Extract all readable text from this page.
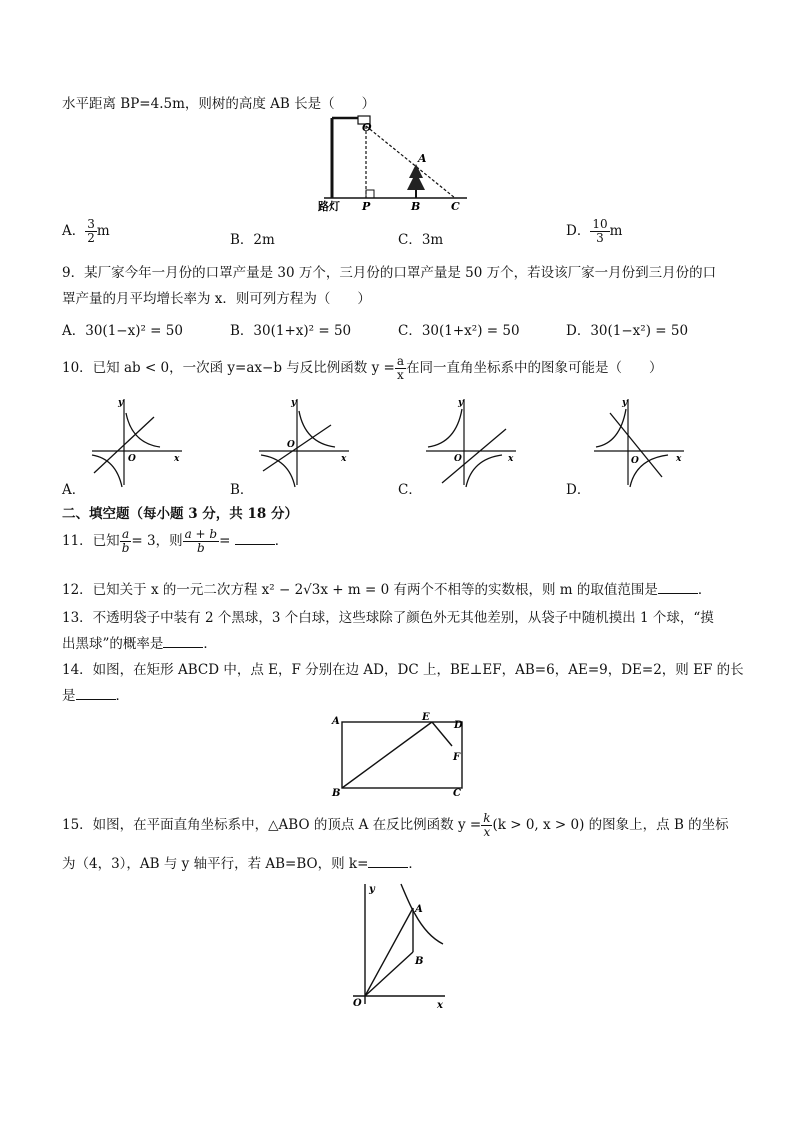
水平距离 BP=4.5m，则树的高度 AB 长是（　　）
O
A
P	B	C
路灯
A． $\frac{3}{2}$ m
B．2m	C．3m
D． $\frac{10}{3}$ m
9．某厂家今年一月份的口罩产量是 30 万个，三月份的口罩产量是 50 万个，若设该厂家一月份到三月份的口
罩产量的月平均增长率为 x．则可列方程为（　　）
A．30(1−x)² = 50	B．30(1+x)² = 50	C．30(1+x²) = 50	D．30(1−x²) = 50
10．已知 ab < 0，一次函 y=ax−b 与反比例函数 $y = \frac{a}{x}$ 在同一直角坐标系中的图象可能是（　　）
y
O	x
y
O
x
y
O	x
y
O	x
A．	B．	C．	D．
二、填空题（每小题 3 分，共 18 分）
11．已知 $\frac{a}{b} = 3$，则 $\frac{a + b}{b}$ =	．
12．已知关于 x 的一元二次方程 x² − 2√3x + m = 0 有两个不相等的实数根，则 m 的取值范围是	．
13．不透明袋子中装有 2 个黑球，3 个白球，这些球除了颜色外无其他差别，从袋子中随机摸出 1 个球，“摸
出黑球”的概率是	．
14．如图，在矩形 ABCD 中，点 E，F 分别在边 AD，DC 上，BE⊥EF，AB=6，AE=9，DE=2，则 EF 的长
是	．
A	E
D
F
B	C
15．如图，在平面直角坐标系中，△ABO 的顶点 A 在反比例函数 $y = \frac{k}{x} (k > 0$, x > 0) 的图象上，点 B 的坐标
为（4，3），AB 与 y 轴平行，若 AB=BO，则 k=	．
y
A
B
O	x
